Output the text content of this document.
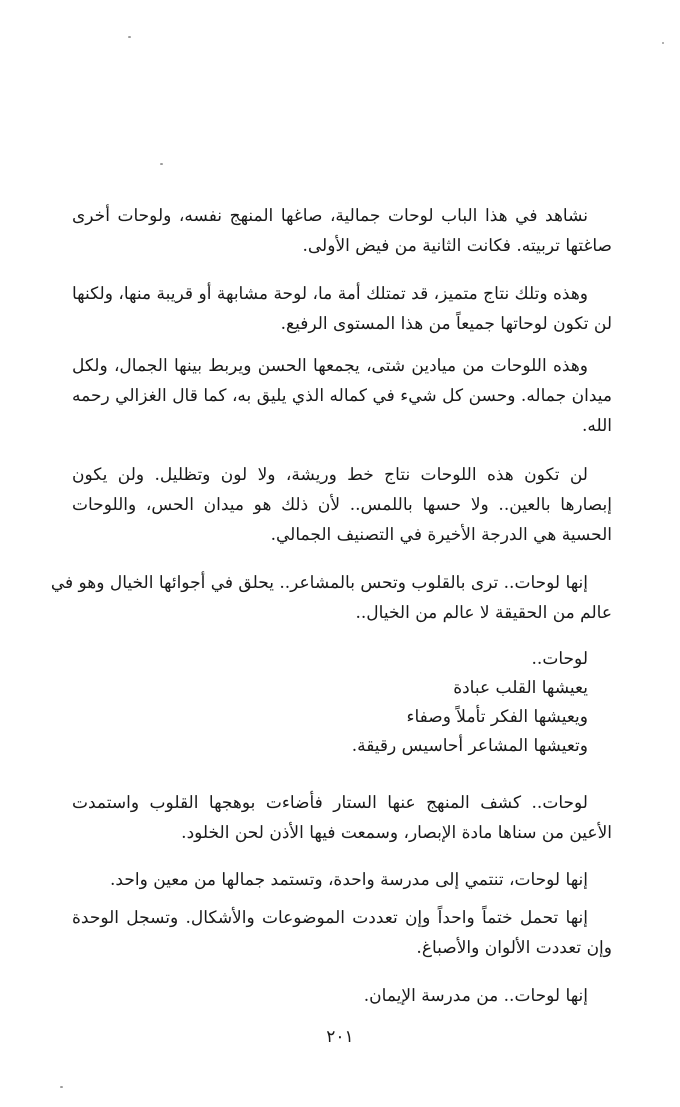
نشاهد في هذا الباب لوحات جمالية، صاغها المنهج نفسه، ولوحات أخرى
صاغتها تربيته. فكانت الثانية من فيض الأولى.

وهذه وتلك نتاج متميز، قد تمتلك أمة ما، لوحة مشابهة أو قريبة منها، ولكنها
لن تكون لوحاتها جميعاً من هذا المستوى الرفيع.

وهذه اللوحات من ميادين شتى، يجمعها الحسن ويربط بينها الجمال، ولكل
ميدان جماله. وحسن كل شيء في كماله الذي يليق به، كما قال الغزالي رحمه
الله.

لن تكون هذه اللوحات نتاج خط وريشة، ولا لون وتظليل. ولن يكون
إبصارها بالعين.. ولا حسها باللمس.. لأن ذلك هو ميدان الحس، واللوحات
الحسية هي الدرجة الأخيرة في التصنيف الجمالي.

إنها لوحات.. ترى بالقلوب وتحس بالمشاعر.. يحلق في أجوائها الخيال وهو في
عالم من الحقيقة لا عالم من الخيال..

لوحات..
يعيشها القلب عبادة
ويعيشها الفكر تأملاً وصفاء
وتعيشها المشاعر أحاسيس رقيقة.

لوحات.. كشف المنهج عنها الستار فأضاءت بوهجها القلوب واستمدت
الأعين من سناها مادة الإبصار، وسمعت فيها الأذن لحن الخلود.

إنها لوحات، تنتمي إلى مدرسة واحدة، وتستمد جمالها من معين واحد.

إنها تحمل ختماً واحداً وإن تعددت الموضوعات والأشكال. وتسجل الوحدة
وإن تعددت الألوان والأصباغ.

إنها لوحات.. من مدرسة الإيمان.

٢٠١
